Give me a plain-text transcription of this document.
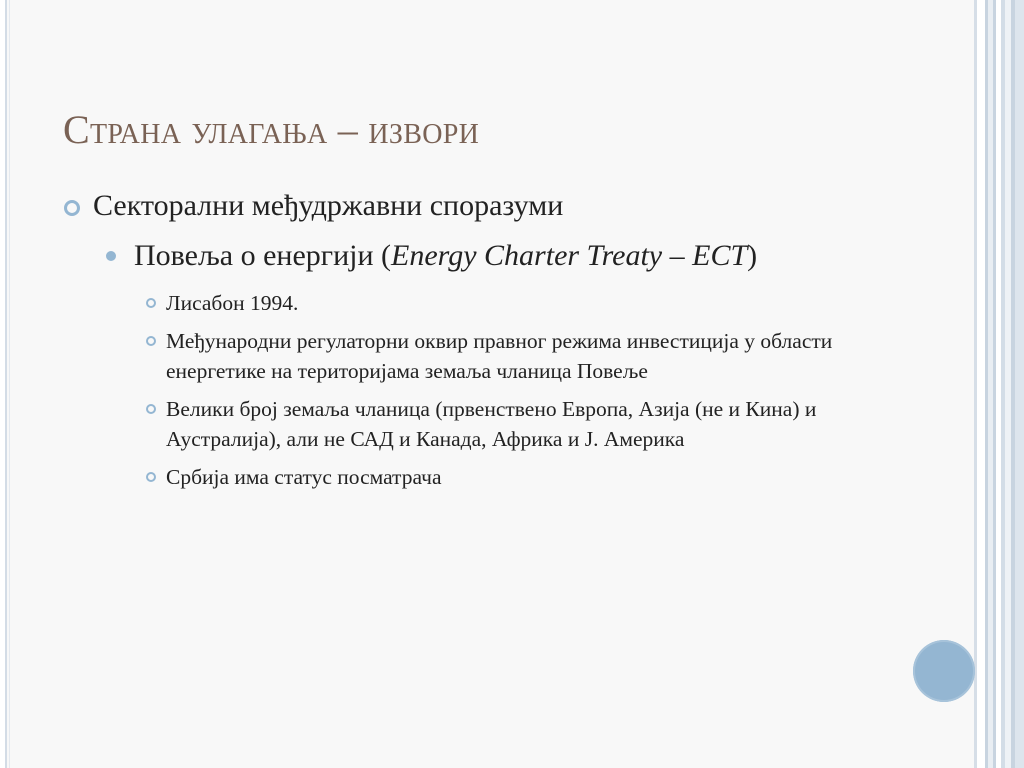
Страна улагања – извори
Секторални међудржавни споразуми
Повеља о енергији (Energy Charter Treaty – ECT)
Лисабон 1994.
Међународни регулаторни оквир правног режима инвестиција у области енергетике на територијама земаља чланица Повеље
Велики број земаља чланица (првенствено Европа, Азија (не и Кина) и Аустралија), али не САД и Канада, Африка и Ј. Америка
Србија има статус посматрача
